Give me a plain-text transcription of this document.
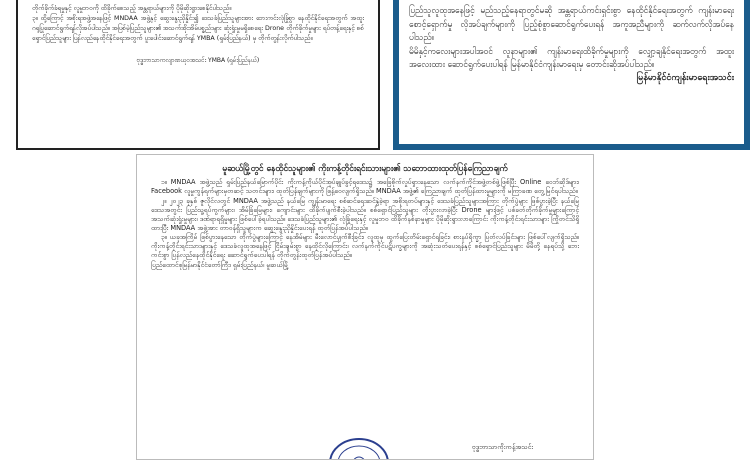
တိုက်ခိုက်ခံရမှုနှင့် လူမှုဘဝကို ထိခိုက်စေသည့် အန္တရာယ်များကို ပိုမိုဆိုးရွားစေနိုင်ပါသည်။

၃။ ထို့ကြောင့် အစိုးရအဖွဲ့အနေဖြင့် MNDAA အဖွဲ့နှင့် ဆွေးနွေးညှိနှိုင်း၍ ဒေသခံပြည်သူများအား ဘေးကင်းလုံခြုံစွာ နေထိုင်နိုင်ရေးအတွက် အထူးဂရုပြုဆောင်ရွက်ရန်လိုအပ်ပါသည်။ အပြစ်မဲ့ပြည်သူများ၏ အသက်အိုးအိမ်ပစ္စည်းများ ဆုံးရှုံးမှုမရှိစေရေး Drone တိုက်ခိုက်မှုများ ရပ်တန့်ရေးနှင့် စစ်ရှောင်ပြည်သူများ ပြန်လည်နေထိုင်နိုင်ရေးအတွက် ပူးပေါင်းဆောင်ရွက်ရန် YMBA (ရှမ်းပြည်နယ်) မှ တိုက်တွန်းလိုက်ပါသည်။

ဗုဒ္ဓဘာသာကလျာဏယုဝအသင်း YMBA (ရှမ်းပြည်နယ်)

ပြည်သူလူထုအနေဖြင့် မည်သည့်နေရာတွင်မဆို အန္တရာယ်ကင်းရှင်းစွာ နေထိုင်နိုင်ရေးအတွက် ကျန်းမာရေးစောင့်ရှောက်မှု လိုအပ်ချက်များကို ပြည့်စုံစွာဆောင်ရွက်ပေးရန် အကူအညီများကို ဆက်လက်လိုအပ်နေပါသည်။

မိမိနှင့်ကလေးများအပါအဝင် လူနာများ၏ ကျန်းမာရေးထိခိုက်မှုများကို လျှော့ချနိုင်ရေးအတွက် အထူးအလေးထား ဆောင်ရွက်ပေးပါရန် မြန်မာနိုင်ငံကျန်းမာရေးမှ တောင်းဆိုအပ်ပါသည်။

မြန်မာနိုင်ငံကျန်းမာရေးအသင်း
မူဆယ်မြို့တွင် နေထိုင်သူများ၏ ကိုးကန့်တိုင်းရင်းသားများ၏ သဘောထားထုတ်ပြန်ကြေညာချက်

၁။ MNDAA အဖွဲ့သည် ရှမ်းပြည်နယ်မြောက်ပိုင်း ကိုးကန့်ကိုယ်ပိုင်အုပ်ချုပ်ခွင့်ရဒေသ၌ အခြေစိုက်လှုပ်ရှားနေသော လက်နက်ကိုင်အဖွဲ့တစ်ဖွဲ့ဖြစ်ပြီး Online ဝေဘ်ဆိုဒ်များ၊ Facebook လူမှုကွန်ရက်များမှတဆင့် သတင်းများ၊ ထုတ်ပြန်ချက်များကို ဖြန့်ဝေလျက်ရှိသည်။ MNDAA အဖွဲ့၏ ကြေညာချက် ထုတ်ပြန်ထားမှုများကို မကြာခဏ တွေ့မြင်ရပါသည်။

၂။ ၂၀၂၃ ခုနှစ် ဇူလိုင်လတွင် MNDAA အဖွဲ့သည် နယ်မြေ ကျွန်းမာရေး စစ်ဆင်ရေးဆင်နွှဲခဲ့ရာ အစိုးရတပ်များနှင့် ဒေသခံပြည်သူများအကြား တိုက်ပွဲများ ဖြစ်ပွားခဲ့ပြီး နယ်မြေဒေသအတွင်း ပြည်သူ့ရပ်ကွက်များ၊ အိမ်ခြံမြေများ၊ ကျောင်းများ ထိခိုက်ပျက်စီးခဲ့ပါသည်။ စစ်ရှောင်ပြည်သူများ တိုးပွားလာခဲ့ပြီး Drone များဖြင့် ပစ်ခတ်တိုက်ခိုက်မှုများကြောင့် အသက်ဆုံးရှုံးမှုများ၊ ဒဏ်ရာရရှိမှုများ ဖြစ်ပေါ်ခဲ့ရပါသည်။ ဒေသခံပြည်သူများ၏ လုံခြုံရေးနှင့် လူမှုဘဝ ထိခိုက်နစ်နာမှုများ ပိုမိုဆိုးရွားလာကြောင်း ကိုးကန့်တိုင်းရင်းသားများ ကြိုတင်သိရှိထားပြီး MNDAA အဖွဲ့အား တာဝန်ရှိသူများက ဆွေးနွေးညှိနှိုင်းပေးရန် ထုတ်ပြန်အပ်ပါသည်။

၃။ ယခုအကြိမ် ဖြစ်ပွားနေသော တိုက်ပွဲများကြောင့် နေအိမ်များ မီးလောင်ပျက်စီးခြင်း၊ လူထုမှ ထွက်ပြေးတိမ်းရှောင်ရခြင်း၊ စားနပ်ရိက္ခာ ပြတ်လပ်ခြင်းများ ဖြစ်ပေါ်လျက်ရှိသည်။ ကိုးကန့်တိုင်းရင်းသားများနှင့် ဒေသခံလူထုအနေဖြင့် ငြိမ်းချမ်းစွာ နေထိုင်လိုကြောင်း၊ လက်နက်ကိုင်ပဋိပက္ခများကို အဆုံးသတ်ပေးရန်နှင့် စစ်ရှောင်ပြည်သူများ မိမိတို့ နေရပ်သို့ ဘေးကင်းစွာ ပြန်လည်နေထိုင်နိုင်ရေး ဆောင်ရွက်ပေးပါရန် တိုက်တွန်းထုတ်ပြန်အပ်ပါသည်။

ပြည်ထောင်စုမြန်မာနိုင်ငံတော်ကြီး၊ ရှမ်းပြည်နယ်၊ မူဆယ်မြို့

ဗုဒ္ဓဘာသာကိုးကန့်အသင်း
